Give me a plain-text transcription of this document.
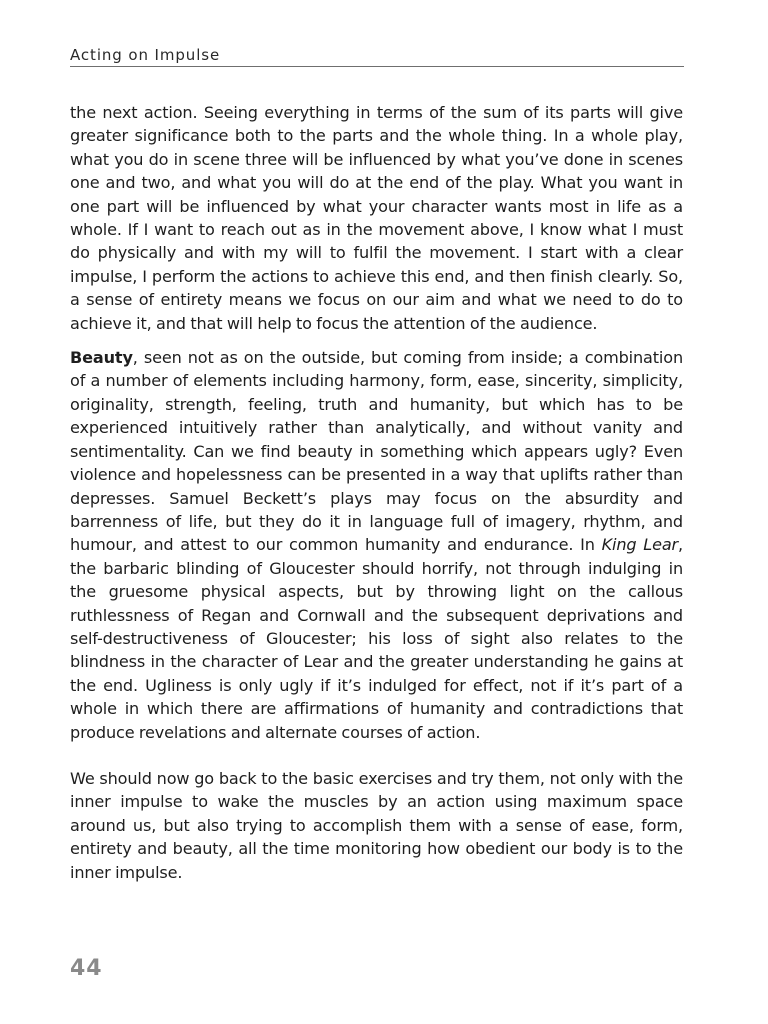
Acting on Impulse

the next action. Seeing everything in terms of the sum of its parts will give greater significance both to the parts and the whole thing. In a whole play, what you do in scene three will be influenced by what you’ve done in scenes one and two, and what you will do at the end of the play. What you want in one part will be influenced by what your character wants most in life as a whole. If I want to reach out as in the movement above, I know what I must do physically and with my will to fulfil the movement. I start with a clear impulse, I perform the actions to achieve this end, and then finish clearly. So, a sense of entirety means we focus on our aim and what we need to do to achieve it, and that will help to focus the attention of the audience.

Beauty, seen not as on the outside, but coming from inside; a combination of a number of elements including harmony, form, ease, sincerity, simplicity, originality, strength, feeling, truth and humanity, but which has to be experienced intuitively rather than analytically, and without vanity and sentimentality. Can we find beauty in something which appears ugly? Even violence and hopelessness can be presented in a way that uplifts rather than depresses. Samuel Beckett’s plays may focus on the absurdity and barrenness of life, but they do it in language full of imagery, rhythm, and humour, and attest to our common humanity and endurance. In King Lear, the barbaric blinding of Gloucester should horrify, not through indulging in the gruesome physical aspects, but by throwing light on the callous ruthlessness of Regan and Cornwall and the subsequent deprivations and self-destructiveness of Gloucester; his loss of sight also relates to the blindness in the character of Lear and the greater understanding he gains at the end. Ugliness is only ugly if it’s indulged for effect, not if it’s part of a whole in which there are affirmations of humanity and contradictions that produce revelations and alternate courses of action.

We should now go back to the basic exercises and try them, not only with the inner impulse to wake the muscles by an action using maximum space around us, but also trying to accomplish them with a sense of ease, form, entirety and beauty, all the time monitoring how obedient our body is to the inner impulse.

44
